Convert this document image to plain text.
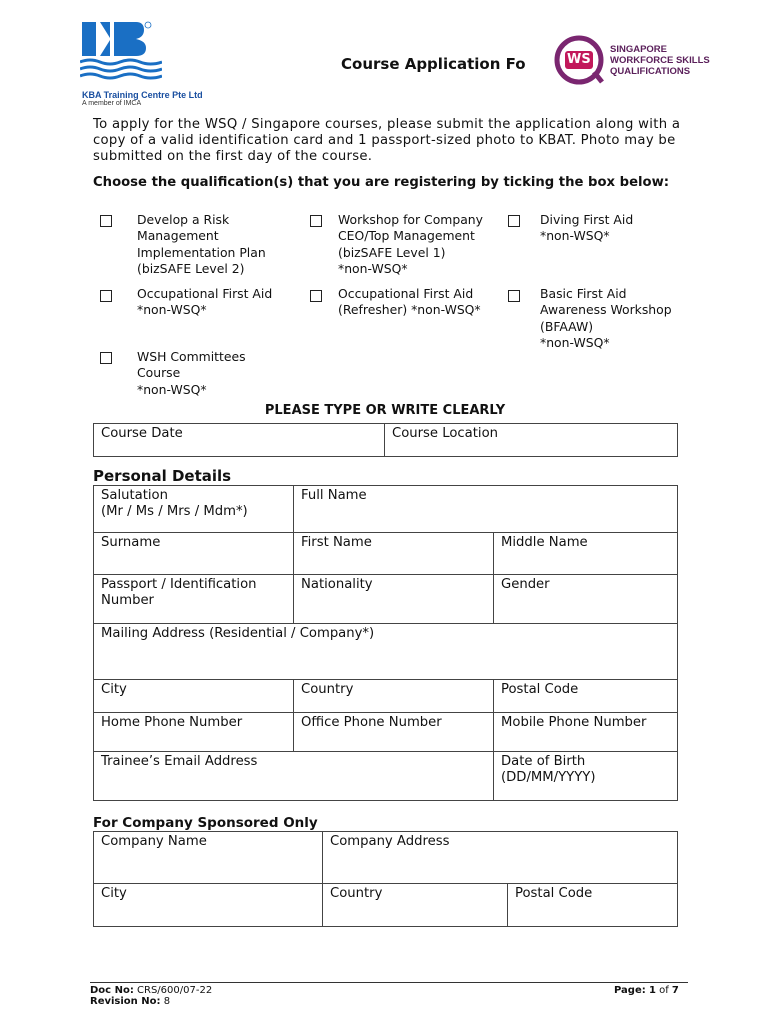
KBA Training Centre Pte Ltd
A member of IMCA
Course Application Fo	WS
SINGAPORE
WORKFORCE SKILLS
QUALIFICATIONS
To apply for the WSQ / Singapore courses, please submit the application along with a copy of a valid identification card and 1 passport-sized photo to KBAT. Photo may be submitted on the first day of the course.
Choose the qualification(s) that you are registering by ticking the box below:
Develop a Risk
Management
Implementation Plan
(bizSAFE Level 2)
Workshop for Company
CEO/Top Management
(bizSAFE Level 1)
*non-WSQ*
Diving First Aid
*non-WSQ*
Occupational First Aid
*non-WSQ*
Occupational First Aid
(Refresher) *non-WSQ*
Basic First Aid
Awareness Workshop
(BFAAW)
*non-WSQ*
WSH Committees
Course
*non-WSQ*
PLEASE TYPE OR WRITE CLEARLY
Course Date	Course Location
Personal Details
Salutation
(Mr / Ms / Mrs / Mdm*)	Full Name	
Surname	First Name	Middle Name

Passport / Identification
Number	Nationality	Gender
Mailing Address (Residential / Company*)		
City	Country	Postal Code
Home Phone Number	Office Phone Number	Mobile Phone Number
Trainee’s Email Address		Date of Birth
(DD/MM/YYYY)
For Company Sponsored Only
Company Name	Company Address	
City	Country	Postal Code
Doc No: CRS/600/07-22
Revision No: 8
Page: 1 of 7
